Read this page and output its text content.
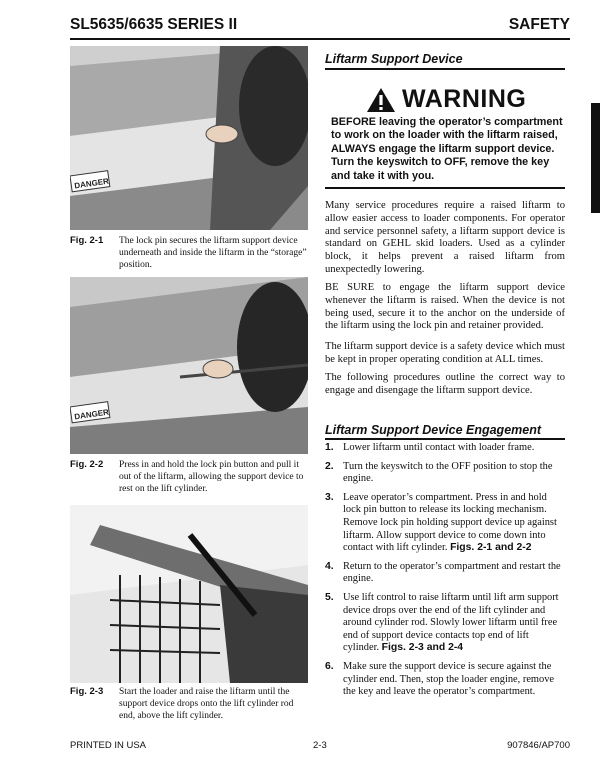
SL5635/6635 SERIES II	SAFETY
DANGER
Fig. 2-1 The lock pin secures the liftarm support device underneath and inside the liftarm in the “storage” position.
DANGER
Fig. 2-2 Press in and hold the lock pin button and pull it out of the liftarm, allowing the support device to rest on the lift cylinder.
Fig. 2-3 Start the loader and raise the liftarm until the support device drops onto the lift cylinder rod end, above the lift cylinder.
Liftarm Support Device
WARNING
BEFORE leaving the operator’s compartment to work on the loader with the liftarm raised, ALWAYS engage the liftarm support device. Turn the keyswitch to OFF, remove the key and take it with you.
Many service procedures require a raised liftarm to allow easier access to loader components. For operator and service personnel safety, a liftarm support device is standard on GEHL skid loaders. Used as a cylinder block, it helps prevent a raised liftarm from unexpectedly lowering.
BE SURE to engage the liftarm support device whenever the liftarm is raised. When the device is not being used, secure it to the anchor on the underside of the liftarm using the lock pin and retainer provided.
The liftarm support device is a safety device which must be kept in proper operating condition at ALL times.
The following procedures outline the correct way to engage and disengage the liftarm support device.
Liftarm Support Device Engagement
1. Lower liftarm until contact with loader frame.
2. Turn the keyswitch to the OFF position to stop the engine.
3. Leave operator’s compartment. Press in and hold lock pin button to release its locking mechanism. Remove lock pin holding support device up against liftarm. Allow support device to come down into contact with lift cylinder. Figs. 2-1 and 2-2
4. Return to the operator’s compartment and restart the engine.
5. Use lift control to raise liftarm until lift arm support device drops over the end of the lift cylinder and around cylinder rod. Slowly lower liftarm until free end of support device contacts top end of lift cylinder. Figs. 2-3 and 2-4
6. Make sure the support device is secure against the cylinder end. Then, stop the loader engine, remove the key and leave the operator’s compartment.
PRINTED IN USA	2-3	907846/AP700
